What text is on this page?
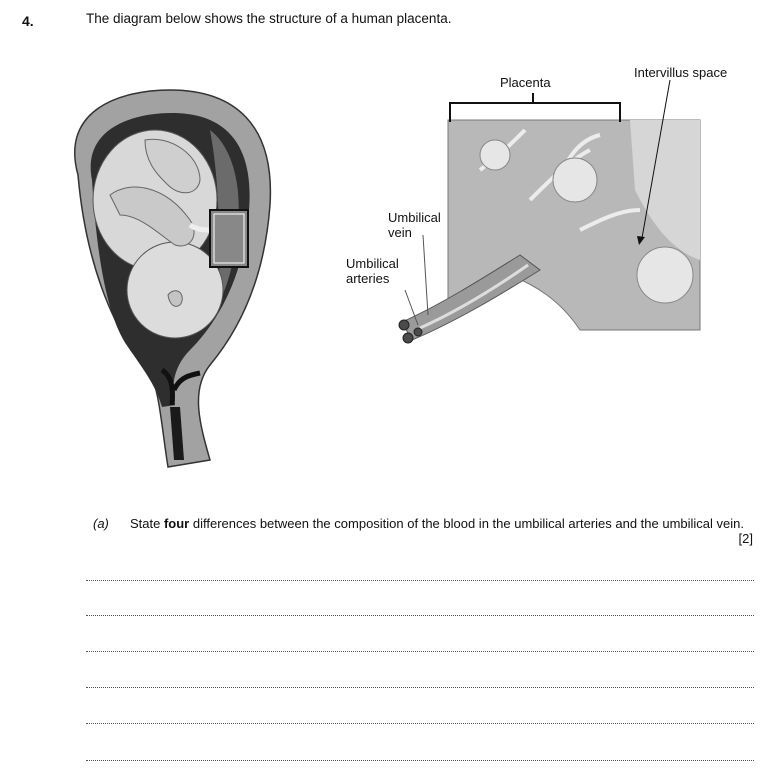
4.	The diagram below shows the structure of a human placenta.
Placenta
Intervillus space
Umbilical
vein
Umbilical
arteries
(a) State four differences between the composition of the blood in the umbilical arteries and the umbilical vein.
[2]
